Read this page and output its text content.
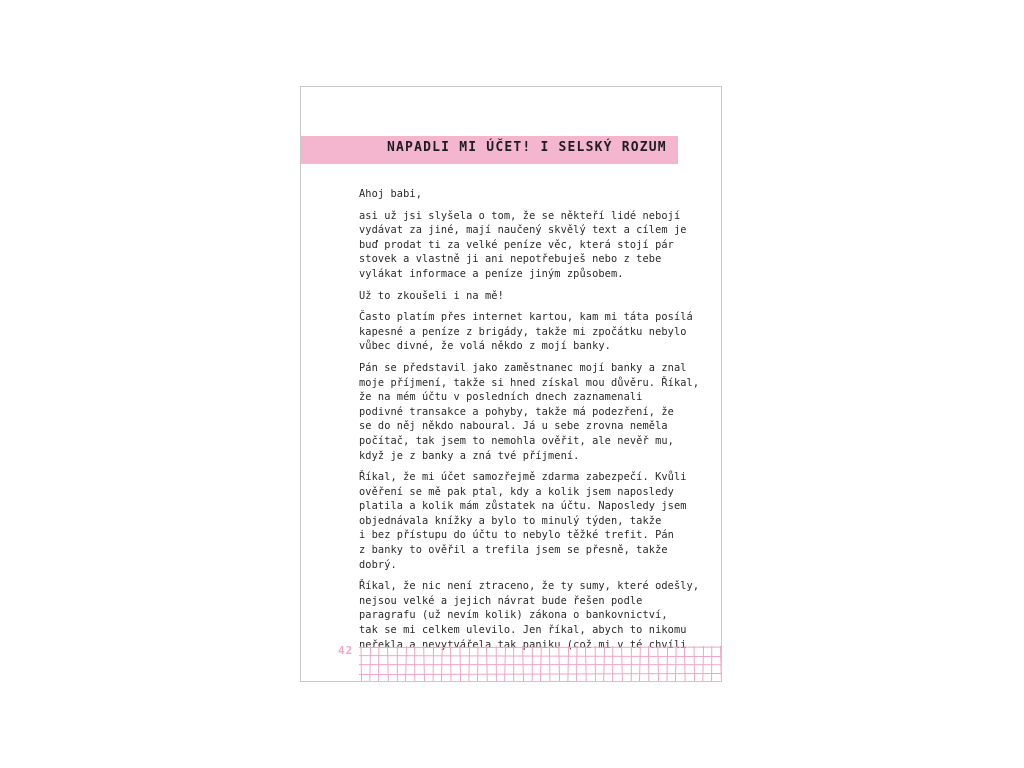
NAPADLI MI ÚČET! I SELSKÝ ROZUM
Ahoj babi,
asi už jsi slyšela o tom, že se někteří lidé nebojí
vydávat za jiné, mají naučený skvělý text a cílem je
buď prodat ti za velké peníze věc, která stojí pár
stovek a vlastně ji ani nepotřebuješ nebo z tebe
vylákat informace a peníze jiným způsobem.
Už to zkoušeli i na mě!
Často platím přes internet kartou, kam mi táta posílá
kapesné a peníze z brigády, takže mi zpočátku nebylo
vůbec divné, že volá někdo z mojí banky.
Pán se představil jako zaměstnanec mojí banky a znal
moje příjmení, takže si hned získal mou důvěru. Říkal,
že na mém účtu v posledních dnech zaznamenali
podivné transakce a pohyby, takže má podezření, že
se do něj někdo naboural. Já u sebe zrovna neměla
počítač, tak jsem to nemohla ověřit, ale nevěř mu,
když je z banky a zná tvé příjmení.
Říkal, že mi účet samozřejmě zdarma zabezpečí. Kvůli
ověření se mě pak ptal, kdy a kolik jsem naposledy
platila a kolik mám zůstatek na účtu. Naposledy jsem
objednávala knížky a bylo to minulý týden, takže
i bez přístupu do účtu to nebylo těžké trefit. Pán
z banky to ověřil a trefila jsem se přesně, takže
dobrý.
Říkal, že nic není ztraceno, že ty sumy, které odešly,
nejsou velké a jejich návrat bude řešen podle
paragrafu (už nevím kolik) zákona o bankovnictví,
tak se mi celkem ulevilo. Jen říkal, abych to nikomu
neřekla a nevytvářela tak paniku (což mi v té chvíli
42
